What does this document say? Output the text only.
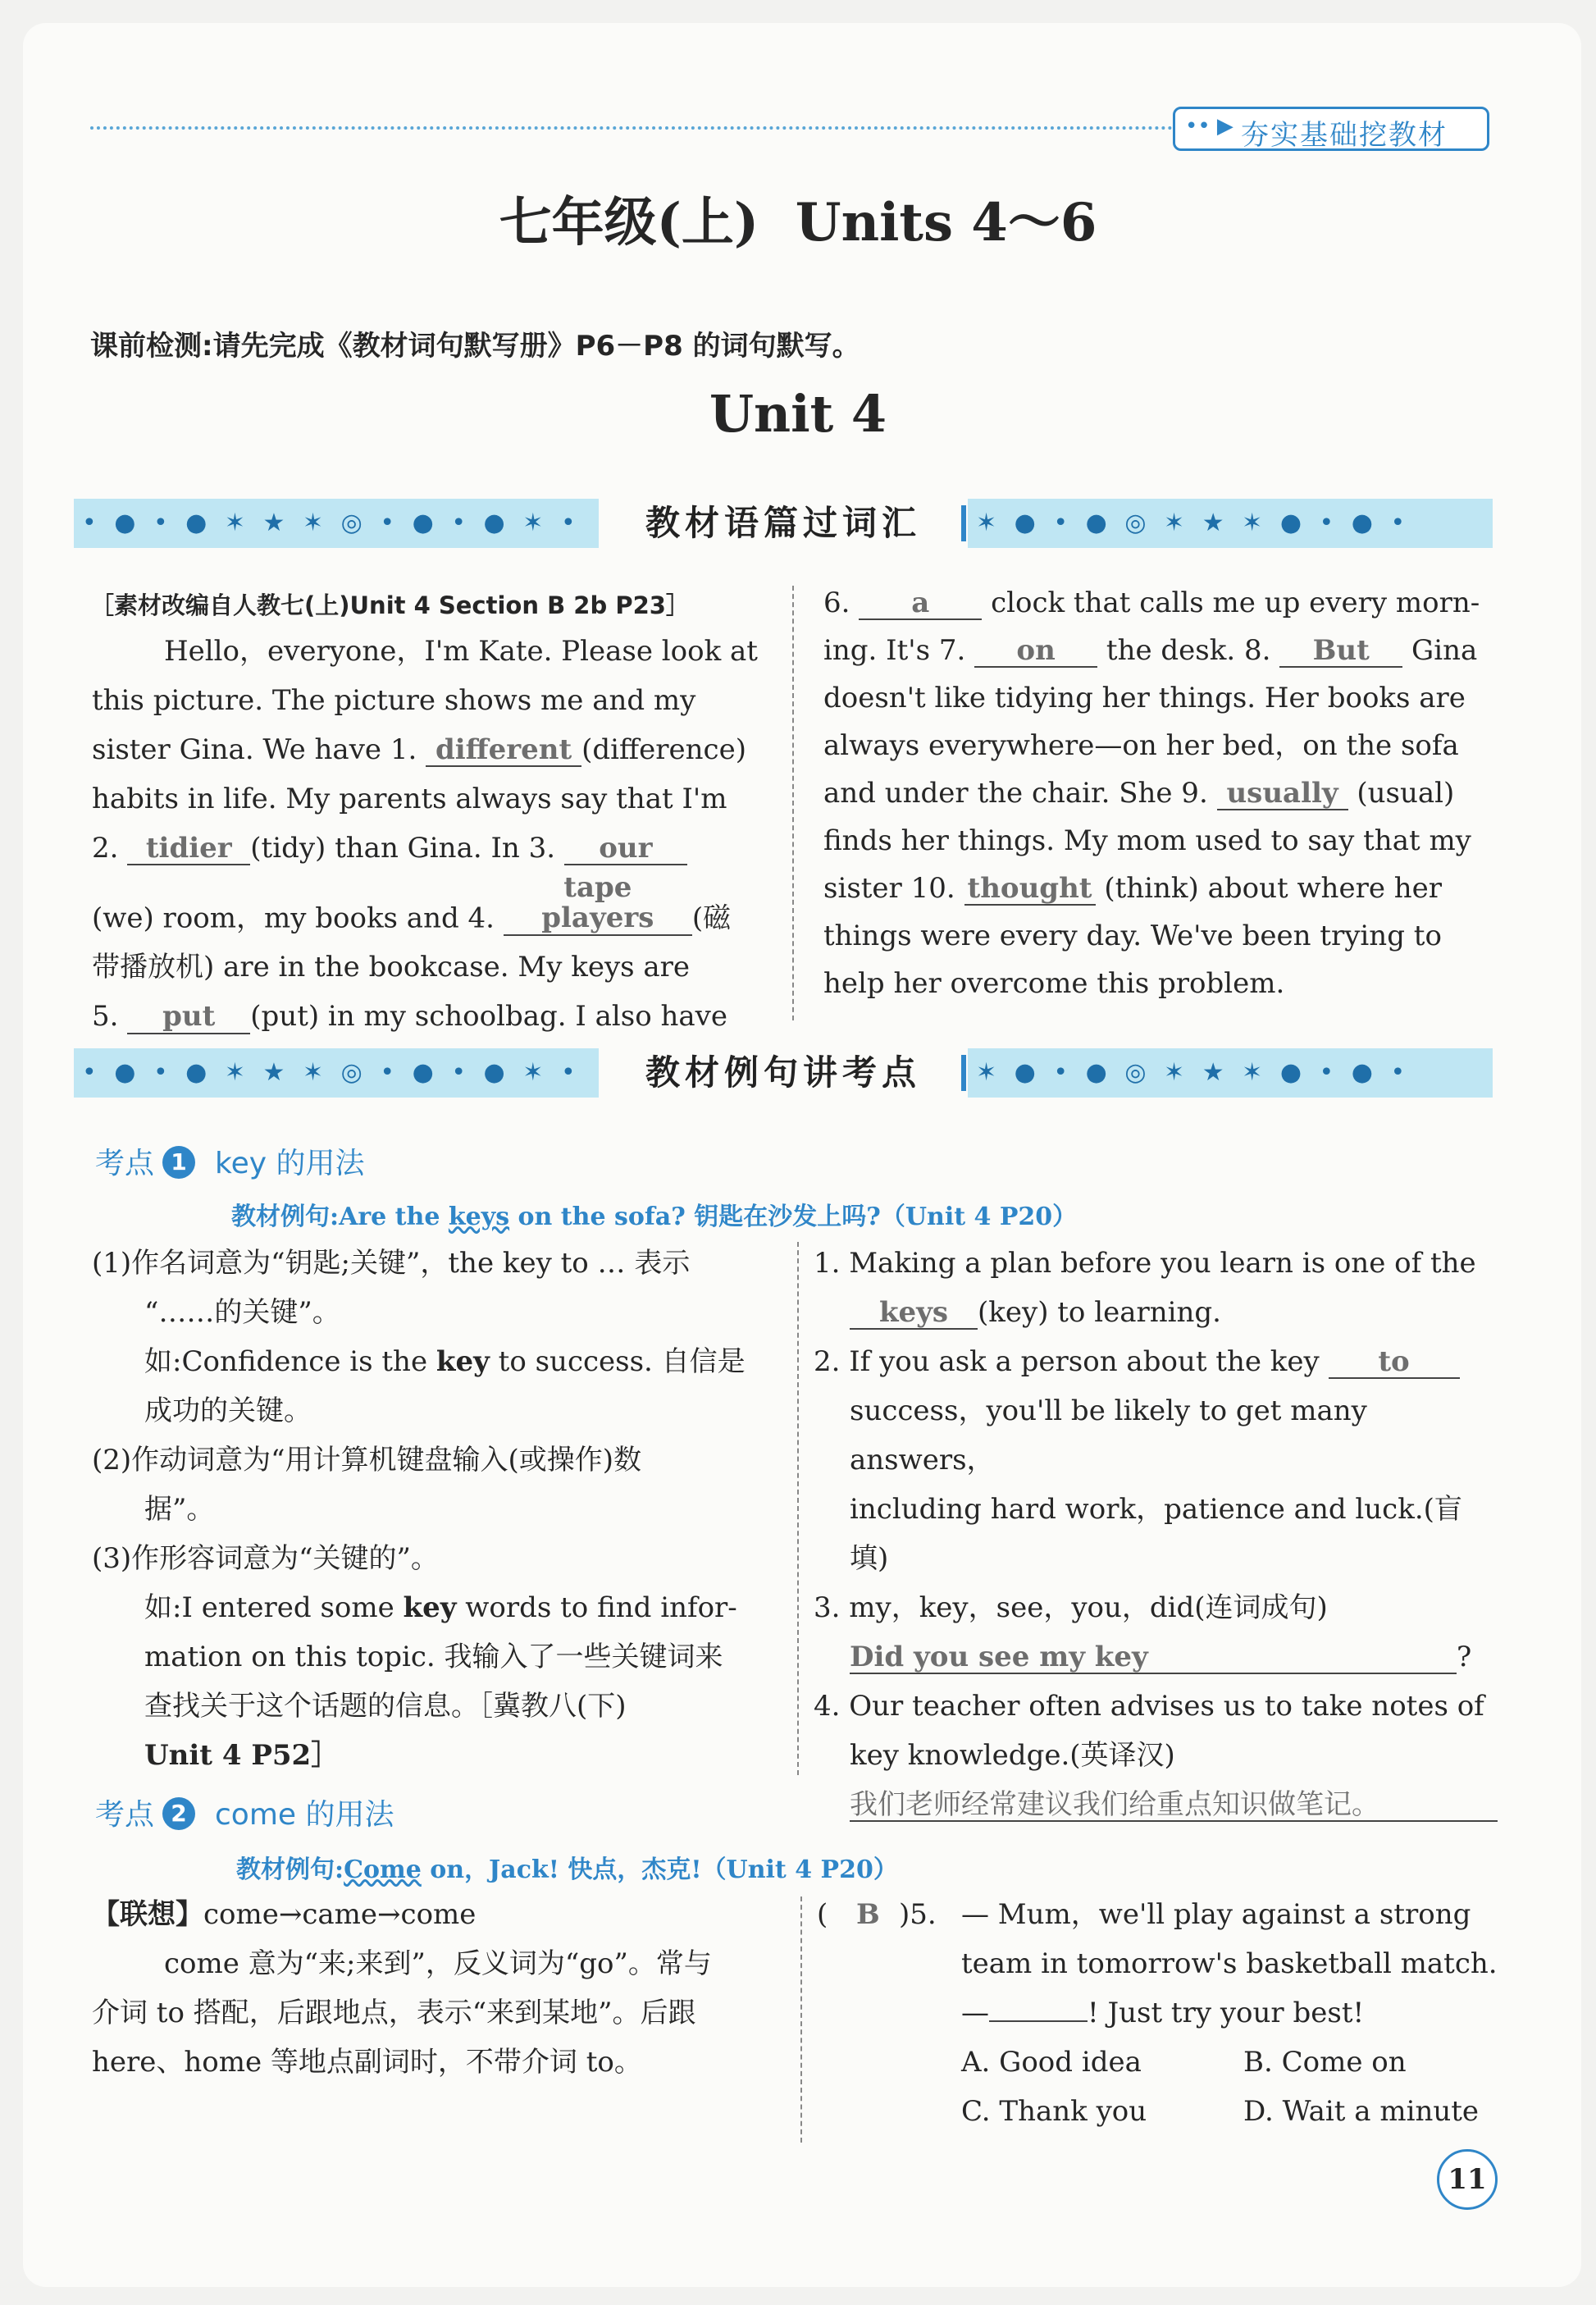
•• ▶ 夯实基础挖教材
七年级(上)  Units 4～6
课前检测:请先完成《教材词句默写册》P6－P8 的词句默写。
Unit 4
• ● • ● ✶ ★ ✶ ◎ • ● • ● ✶ •	教材语篇过词汇	✶ ● • ● ◎ ✶ ★ ✶ ● • ● •
［素材改编自人教七(上)Unit 4 Section B 2b P23］
Hello，everyone，I'm Kate. Please look at
this picture. The picture shows me and my
sister Gina. We have 1. different (difference)
habits in life. My parents always say that I'm
2. tidier (tidy) than Gina. In 3. our
(we) room，my books and 4. tape players (磁
带播放机) are in the bookcase. My keys are
5. put (put) in my schoolbag. I also have
6. a clock that calls me up every morn-
ing. It's 7. on the desk. 8. But Gina
doesn't like tidying her things. Her books are
always everywhere—on her bed，on the sofa
and under the chair. She 9. usually (usual)
finds her things. My mom used to say that my
sister 10. thought (think) about where her
things were every day. We've been trying to
help her overcome this problem.
• ● • ● ✶ ★ ✶ ◎ • ● • ● ✶ •	教材例句讲考点	✶ ● • ● ◎ ✶ ★ ✶ ● • ● •
考点 1 key 的用法
教材例句:Are the keys on the sofa? 钥匙在沙发上吗?（Unit 4 P20）
(1)作名词意为“钥匙;关键”，the key to … 表示
“……的关键”。
如:Confidence is the key to success. 自信是
成功的关键。
(2)作动词意为“用计算机键盘输入(或操作)数
据”。
(3)作形容词意为“关键的”。
如:I entered some key words to find infor-
mation on this topic. 我输入了一些关键词来
查找关于这个话题的信息。［冀教八(下)
Unit 4 P52］
1. Making a plan before you learn is one of the
keys (key) to learning.
2. If you ask a person about the key to
success，you'll be likely to get many answers，
including hard work，patience and luck.(盲填)
3. my，key，see，you，did(连词成句)
Did you see my key	?
4. Our teacher often advises us to take notes of
key knowledge.(英译汉)
我们老师经常建议我们给重点知识做笔记。
考点 2 come 的用法
教材例句:Come on，Jack! 快点，杰克!（Unit 4 P20）
【联想】come→came→come
come 意为“来;来到”，反义词为“go”。常与
介词 to 搭配，后跟地点，表示“来到某地”。后跟
here、home 等地点副词时，不带介词 to。
( B )5. — Mum，we'll play against a strong
team in tomorrow's basketball match.
—	! Just try your best!
A. Good idea	B. Come on
C. Thank you	D. Wait a minute
11
